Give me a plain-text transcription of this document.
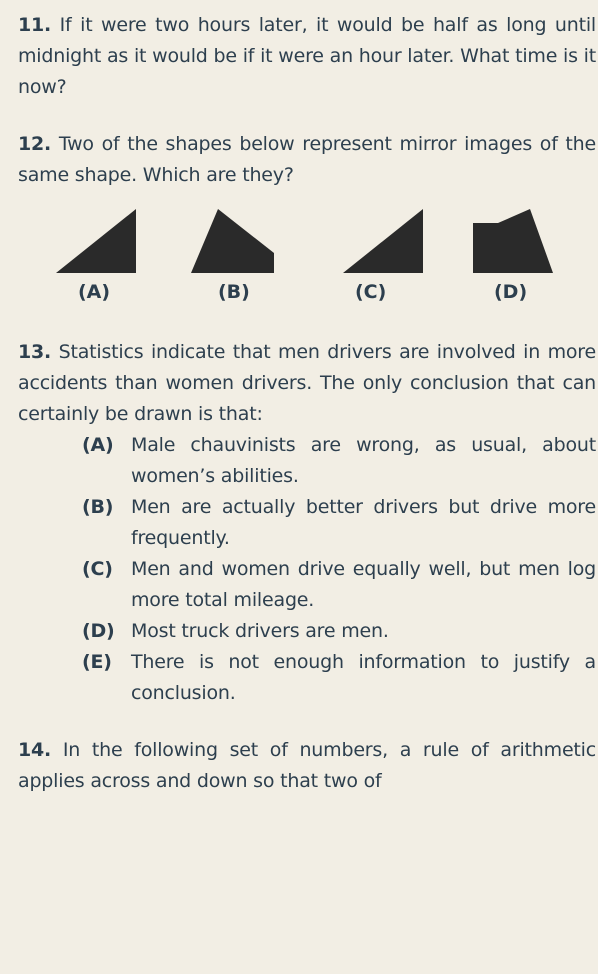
11. If it were two hours later, it would be half as long until midnight as it would be if it were an hour later. What time is it now?

12. Two of the shapes below represent mirror images of the same shape. Which are they?

(A)	(B)	(C)	(D)

13. Statistics indicate that men drivers are involved in more accidents than women drivers. The only conclusion that can certainly be drawn is that:

(A) Male chauvinists are wrong, as usual, about women’s abilities.
(B) Men are actually better drivers but drive more frequently.
(C) Men and women drive equally well, but men log more total mileage.
(D) Most truck drivers are men.
(E) There is not enough information to justify a conclusion.

14. In the following set of numbers, a rule of arithmetic applies across and down so that two of
